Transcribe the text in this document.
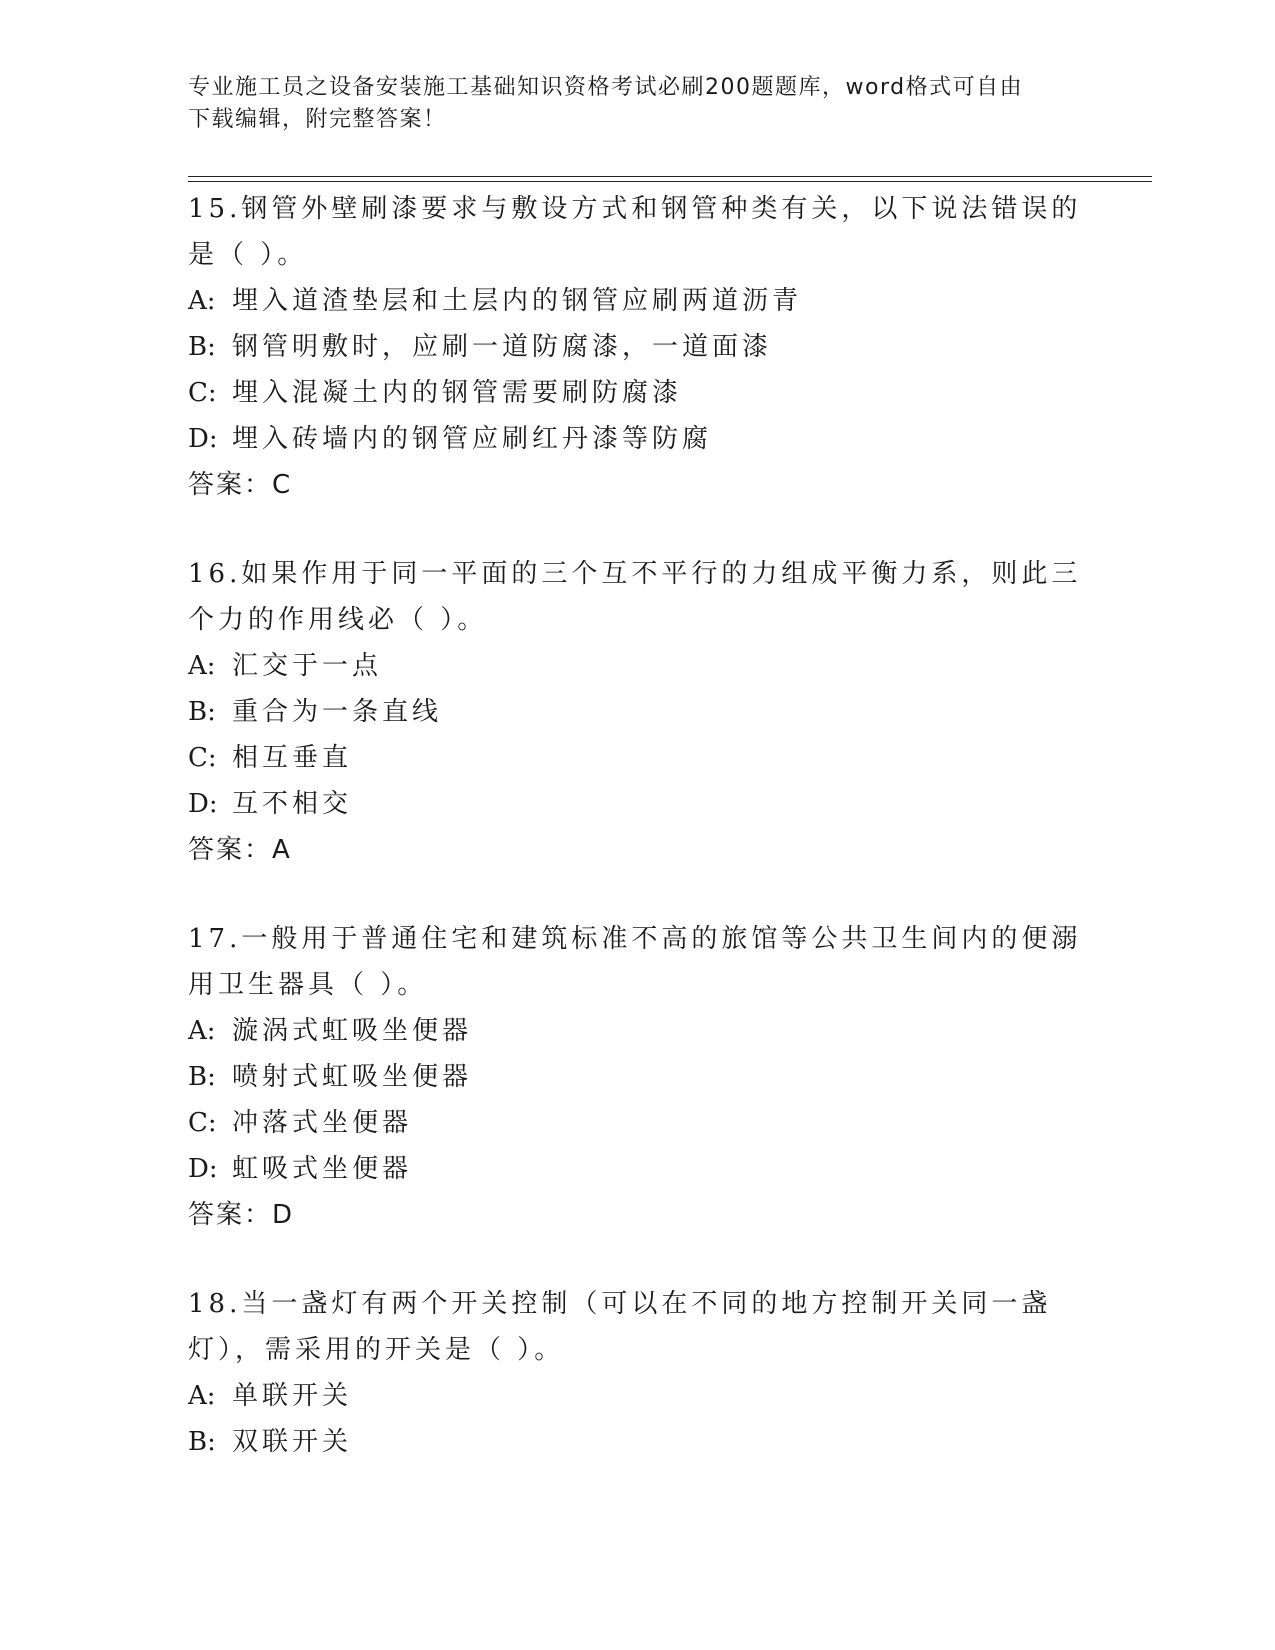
专业施工员之设备安装施工基础知识资格考试必刷200题题库，word格式可自由
下载编辑，附完整答案！

15.钢管外壁刷漆要求与敷设方式和钢管种类有关，以下说法错误的是（ ）。

A: 埋入道渣垫层和土层内的钢管应刷两道沥青

B: 钢管明敷时，应刷一道防腐漆，一道面漆

C: 埋入混凝土内的钢管需要刷防腐漆

D: 埋入砖墙内的钢管应刷红丹漆等防腐

答案：C

16.如果作用于同一平面的三个互不平行的力组成平衡力系，则此三个力的作用线必（ ）。

A: 汇交于一点

B: 重合为一条直线

C: 相互垂直

D: 互不相交

答案：A

17.一般用于普通住宅和建筑标准不高的旅馆等公共卫生间内的便溺用卫生器具（ ）。

A: 漩涡式虹吸坐便器

B: 喷射式虹吸坐便器

C: 冲落式坐便器

D: 虹吸式坐便器

答案：D

18.当一盏灯有两个开关控制（可以在不同的地方控制开关同一盏灯），需采用的开关是（ ）。

A: 单联开关

B: 双联开关
